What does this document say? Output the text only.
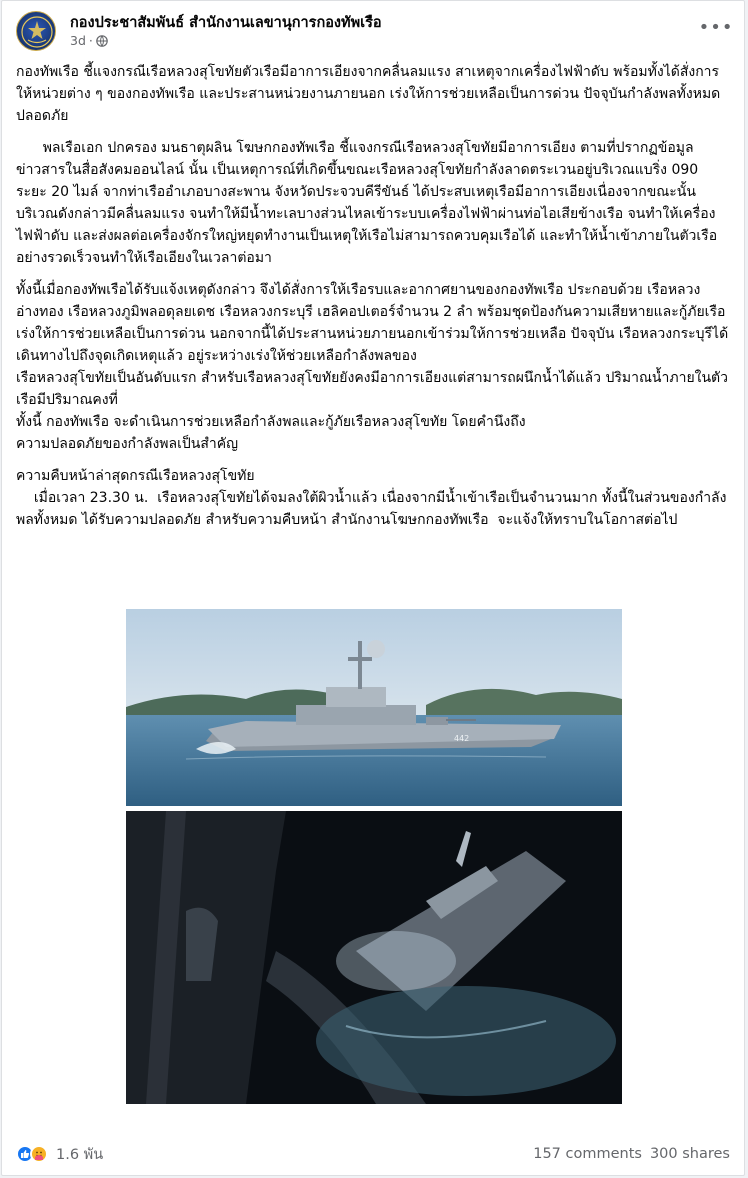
กองประชาสัมพันธ์ สำนักงานเลขานุการกองทัพเรือ
3d ·
•••

กองทัพเรือ ชี้แจงกรณีเรือหลวงสุโขทัยตัวเรือมีอาการเอียงจากคลื่นลมแรง สาเหตุจากเครื่องไฟฟ้าดับ พร้อมทั้งได้สั่งการให้หน่วยต่าง ๆ ของกองทัพเรือ และประสานหน่วยงานภายนอก เร่งให้การช่วยเหลือเป็นการด่วน ปัจจุบันกำลังพลทั้งหมดปลอดภัย

พลเรือเอก ปกครอง มนธาตุผลิน โฆษกกองทัพเรือ ชี้แจงกรณีเรือหลวงสุโขทัยมีอาการเอียง ตามที่ปรากฏข้อมูลข่าวสารในสื่อสังคมออนไลน์ นั้น เป็นเหตุการณ์ที่เกิดขึ้นขณะเรือหลวงสุโขทัยกำลังลาดตระเวนอยู่บริเวณแบริ่ง 090 ระยะ 20 ไมล์ จากท่าเรืออำเภอบางสะพาน จังหวัดประจวบคีรีขันธ์ ได้ประสบเหตุเรือมีอาการเอียงเนื่องจากขณะนั้นบริเวณดังกล่าวมีคลื่นลมแรง จนทำให้มีน้ำทะเลบางส่วนไหลเข้าระบบเครื่องไฟฟ้าผ่านท่อไอเสียข้างเรือ จนทำให้เครื่องไฟฟ้าดับ และส่งผลต่อเครื่องจักรใหญ่หยุดทำงานเป็นเหตุให้เรือไม่สามารถควบคุมเรือได้ และทำให้น้ำเข้าภายในตัวเรืออย่างรวดเร็วจนทำให้เรือเอียงในเวลาต่อมา

ทั้งนี้เมื่อกองทัพเรือได้รับแจ้งเหตุดังกล่าว จึงได้สั่งการให้เรือรบและอากาศยานของกองทัพเรือ ประกอบด้วย เรือหลวงอ่างทอง เรือหลวงภูมิพลอดุลยเดช เรือหลวงกระบุรี เฮลิคอปเตอร์จำนวน 2 ลำ พร้อมชุดป้องกันความเสียหายและกู้ภัยเรือ เร่งให้การช่วยเหลือเป็นการด่วน นอกจากนี้ได้ประสานหน่วยภายนอกเข้าร่วมให้การช่วยเหลือ ปัจจุบัน เรือหลวงกระบุรีได้เดินทางไปถึงจุดเกิดเหตุแล้ว อยู่ระหว่างเร่งให้ช่วยเหลือกำลังพลของ
เรือหลวงสุโขทัยเป็นอันดับแรก สำหรับเรือหลวงสุโขทัยยังคงมีอาการเอียงแต่สามารถผนึกน้ำได้แล้ว ปริมาณน้ำภายในตัวเรือมีปริมาณคงที่
ทั้งนี้ กองทัพเรือ จะดำเนินการช่วยเหลือกำลังพลและกู้ภัยเรือหลวงสุโขทัย โดยคำนึงถึง
ความปลอดภัยของกำลังพลเป็นสำคัญ

ความคืบหน้าล่าสุดกรณีเรือหลวงสุโขทัย
เมื่อเวลา 23.30 น.  เรือหลวงสุโขทัยได้จมลงใต้ผิวน้ำแล้ว เนื่องจากมีน้ำเข้าเรือเป็นจำนวนมาก ทั้งนี้ในส่วนของกำลังพลทั้งหมด ได้รับความปลอดภัย สำหรับความคืบหน้า สำนักงานโฆษกกองทัพเรือ  จะแจ้งให้ทราบในโอกาสต่อไป

442
1.6 พัน	157 comments 300 shares
